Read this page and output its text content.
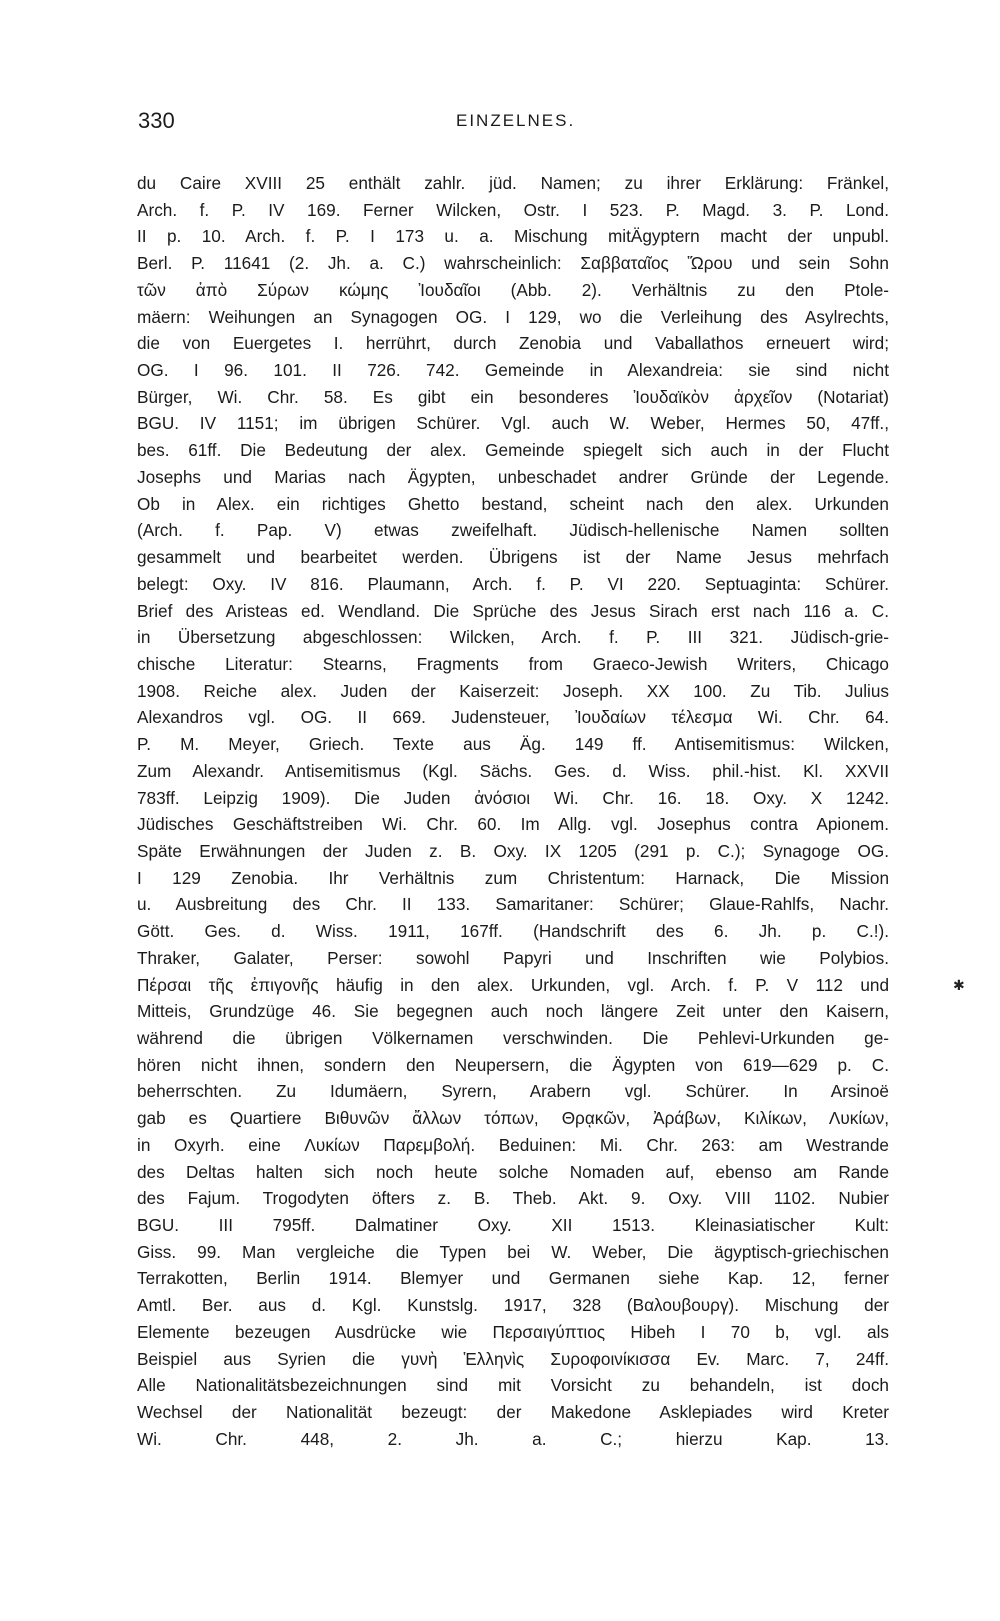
330	EINZELNES.
du Caire XVIII 25 enthält zahlr. jüd. Namen; zu ihrer Erklärung: Fränkel,
Arch. f. P. IV 169. Ferner Wilcken, Ostr. I 523. P. Magd. 3. P. Lond.
II p. 10. Arch. f. P. I 173 u. a. Mischung mitÄgyptern macht der unpubl.
Berl. P. 11641 (2. Jh. a. C.) wahrscheinlich: Σαββαταῖος Ὥρου und sein Sohn
τῶν ἀπὸ Σύρων κώμης Ἰουδαῖοι (Abb. 2). Verhältnis zu den Ptole-
mäern: Weihungen an Synagogen OG. I 129, wo die Verleihung des Asylrechts,
die von Euergetes I. herrührt, durch Zenobia und Vaballathos erneuert wird;
OG. I 96. 101. II 726. 742. Gemeinde in Alexandreia: sie sind nicht
Bürger, Wi. Chr. 58. Es gibt ein besonderes Ἰουδαϊκὸν ἀρχεῖον (Notariat)
BGU. IV 1151; im übrigen Schürer. Vgl. auch W. Weber, Hermes 50, 47ff.,
bes. 61ff. Die Bedeutung der alex. Gemeinde spiegelt sich auch in der Flucht
Josephs und Marias nach Ägypten, unbeschadet andrer Gründe der Legende.
Ob in Alex. ein richtiges Ghetto bestand, scheint nach den alex. Urkunden
(Arch. f. Pap. V) etwas zweifelhaft. Jüdisch-hellenische Namen sollten
gesammelt und bearbeitet werden. Übrigens ist der Name Jesus mehrfach
belegt: Oxy. IV 816. Plaumann, Arch. f. P. VI 220. Septuaginta: Schürer.
Brief des Aristeas ed. Wendland. Die Sprüche des Jesus Sirach erst nach 116 a. C.
in Übersetzung abgeschlossen: Wilcken, Arch. f. P. III 321. Jüdisch-grie-
chische Literatur: Stearns, Fragments from Graeco-Jewish Writers, Chicago
1908. Reiche alex. Juden der Kaiserzeit: Joseph. XX 100. Zu Tib. Julius
Alexandros vgl. OG. II 669. Judensteuer, Ἰουδαίων τέλεσμα Wi. Chr. 64.
P. M. Meyer, Griech. Texte aus Äg. 149 ff. Antisemitismus: Wilcken,
Zum Alexandr. Antisemitismus (Kgl. Sächs. Ges. d. Wiss. phil.-hist. Kl. XXVII
783ff. Leipzig 1909). Die Juden ἀνόσιοι Wi. Chr. 16. 18. Oxy. X 1242.
Jüdisches Geschäftstreiben Wi. Chr. 60. Im Allg. vgl. Josephus contra Apionem.
Späte Erwähnungen der Juden z. B. Oxy. IX 1205 (291 p. C.); Synagoge OG.
I 129 Zenobia. Ihr Verhältnis zum Christentum: Harnack, Die Mission
u. Ausbreitung des Chr. II 133. Samaritaner: Schürer; Glaue-Rahlfs, Nachr.
Gött. Ges. d. Wiss. 1911, 167ff. (Handschrift des 6. Jh. p. C.!).
Thraker, Galater, Perser: sowohl Papyri und Inschriften wie Polybios.
Πέρσαι τῆς ἐπιγονῆς häufig in den alex. Urkunden, vgl. Arch. f. P. V 112 und
Mitteis, Grundzüge 46. Sie begegnen auch noch längere Zeit unter den Kaisern,
während die übrigen Völkernamen verschwinden. Die Pehlevi-Urkunden ge-
hören nicht ihnen, sondern den Neupersern, die Ägypten von 619—629 p. C.
beherrschten. Zu Idumäern, Syrern, Arabern vgl. Schürer. In Arsinoë
gab es Quartiere Βιθυνῶν ἄλλων τόπων, Θρᾳκῶν, Ἀράβων, Κιλίκων, Λυκίων,
in Oxyrh. eine Λυκίων Παρεμβολή. Beduinen: Mi. Chr. 263: am Westrande
des Deltas halten sich noch heute solche Nomaden auf, ebenso am Rande
des Fajum. Trogodyten öfters z. B. Theb. Akt. 9. Oxy. VIII 1102. Nubier
BGU. III 795ff. Dalmatiner Oxy. XII 1513. Kleinasiatischer Kult:
Giss. 99. Man vergleiche die Typen bei W. Weber, Die ägyptisch-griechischen
Terrakotten, Berlin 1914. Blemyer und Germanen siehe Kap. 12, ferner
Amtl. Ber. aus d. Kgl. Kunstslg. 1917, 328 (Βαλουβουργ). Mischung der
Elemente bezeugen Ausdrücke wie Περσαιγύπτιος Hibeh I 70 b, vgl. als
Beispiel aus Syrien die γυνὴ Ἑλληνὶς Συροφοινίκισσα Ev. Marc. 7, 24ff.
Alle Nationalitätsbezeichnungen sind mit Vorsicht zu behandeln, ist doch
Wechsel der Nationalität bezeugt: der Makedone Asklepiades wird Kreter
Wi. Chr. 448, 2. Jh. a. C.; hierzu Kap. 13.
✱
